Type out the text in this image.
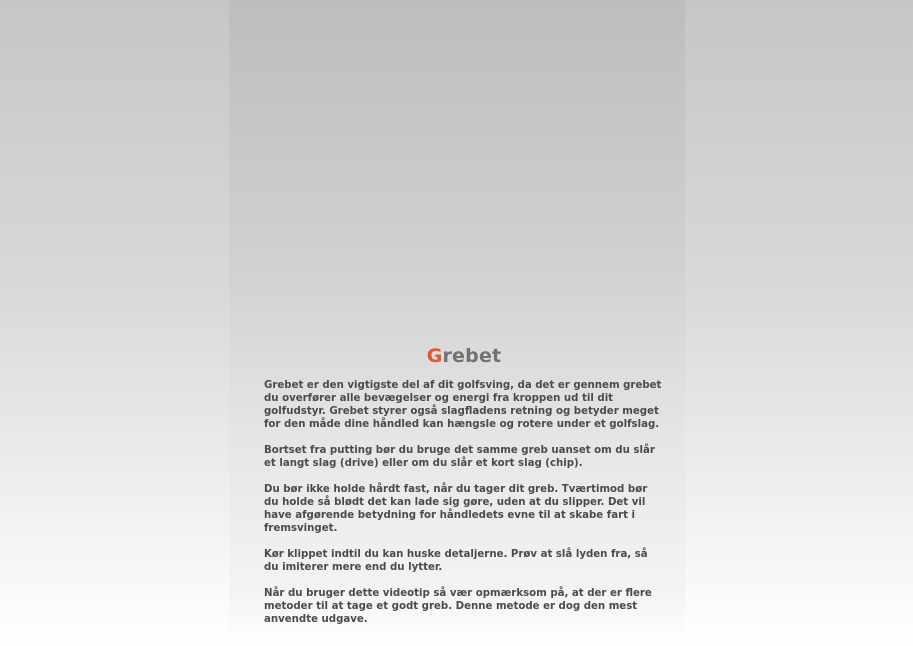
Grebet

Grebet er den vigtigste del af dit golfsving, da det er gennem grebet du overfører alle bevægelser og energi fra kroppen ud til dit golfudstyr. Grebet styrer også slagfladens retning og betyder meget for den måde dine håndled kan hængsle og rotere under et golfslag.

Bortset fra putting bør du bruge det samme greb uanset om du slår et langt slag (drive) eller om du slår et kort slag (chip).

Du bør ikke holde hårdt fast, når du tager dit greb. Tværtimod bør du holde så blødt det kan lade sig gøre, uden at du slipper. Det vil have afgørende betydning for håndledets evne til at skabe fart i fremsvinget.

Kør klippet indtil du kan huske detaljerne. Prøv at slå lyden fra, så du imiterer mere end du lytter.

Når du bruger dette videotip så vær opmærksom på, at der er flere metoder til at tage et godt greb. Denne metode er dog den mest anvendte udgave.
